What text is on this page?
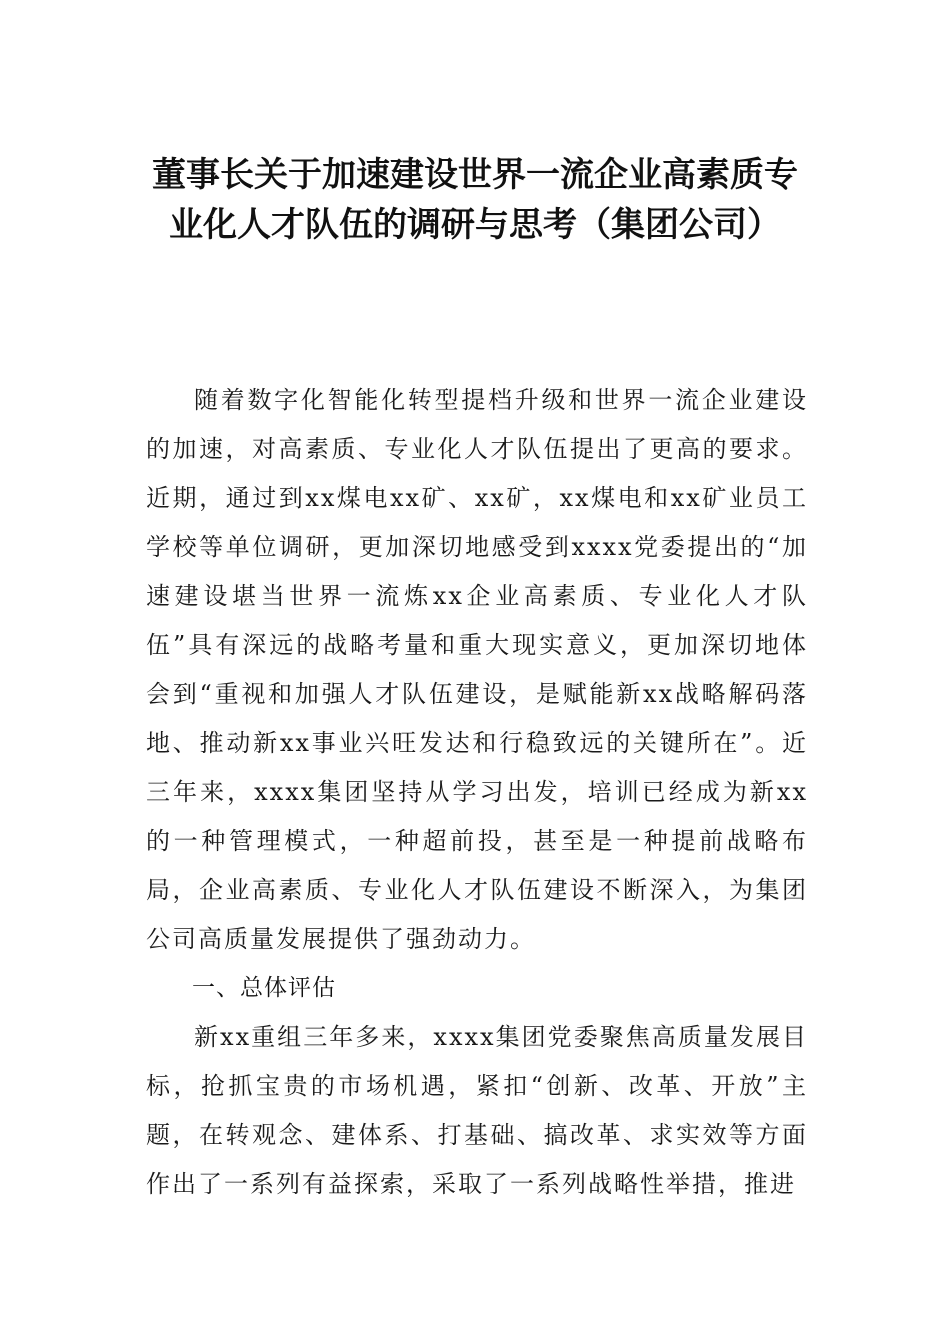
董事长关于加速建设世界一流企业高素质专业化人才队伍的调研与思考（集团公司）

随着数字化智能化转型提档升级和世界一流企业建设的加速，对高素质、专业化人才队伍提出了更高的要求。近期，通过到xx煤电xx矿、xx矿，xx煤电和xx矿业员工学校等单位调研，更加深切地感受到xxxx党委提出的“加速建设堪当世界一流炼xx企业高素质、专业化人才队伍”具有深远的战略考量和重大现实意义，更加深切地体会到“重视和加强人才队伍建设，是赋能新xx战略解码落地、推动新xx事业兴旺发达和行稳致远的关键所在”。近三年来，xxxx集团坚持从学习出发，培训已经成为新xx的一种管理模式，一种超前投，甚至是一种提前战略布局，企业高素质、专业化人才队伍建设不断深入，为集团公司高质量发展提供了强劲动力。

一、总体评估

新xx重组三年多来，xxxx集团党委聚焦高质量发展目标，抢抓宝贵的市场机遇，紧扣“创新、改革、开放”主题，在转观念、建体系、打基础、搞改革、求实效等方面作出了一系列有益探索，采取了一系列战略性举措，推进
